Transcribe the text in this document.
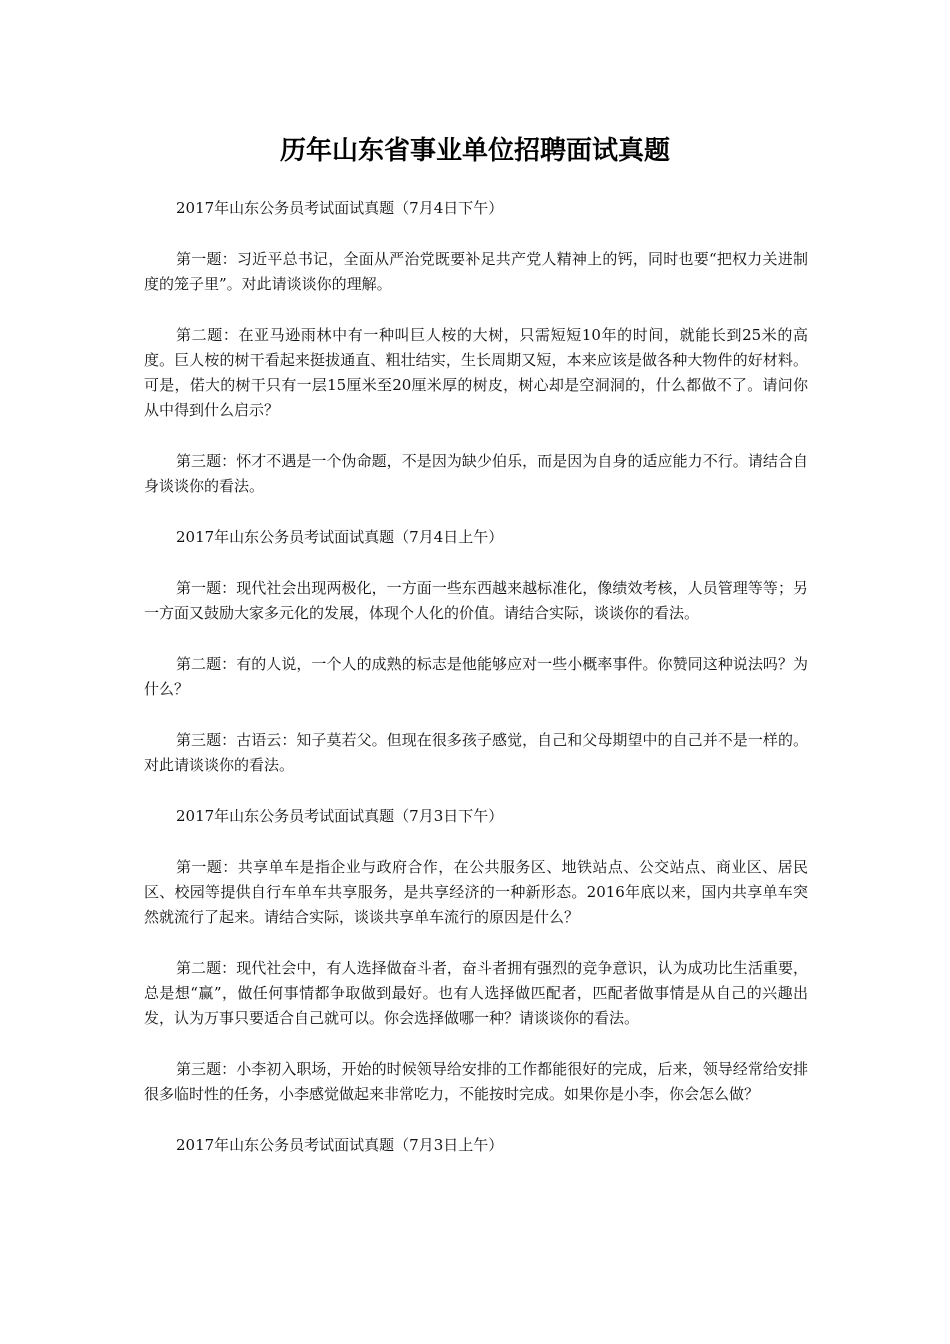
历年山东省事业单位招聘面试真题

2017年山东公务员考试面试真题（7月4日下午）

第一题：习近平总书记，全面从严治党既要补足共产党人精神上的钙，同时也要“把权力关进制度的笼子里”。对此请谈谈你的理解。

第二题：在亚马逊雨林中有一种叫巨人桉的大树，只需短短10年的时间，就能长到25米的高度。巨人桉的树干看起来挺拔通直、粗壮结实，生长周期又短，本来应该是做各种大物件的好材料。可是，偌大的树干只有一层15厘米至20厘米厚的树皮，树心却是空洞洞的，什么都做不了。请问你从中得到什么启示？

第三题：怀才不遇是一个伪命题，不是因为缺少伯乐，而是因为自身的适应能力不行。请结合自身谈谈你的看法。

2017年山东公务员考试面试真题（7月4日上午）

第一题：现代社会出现两极化，一方面一些东西越来越标准化，像绩效考核，人员管理等等；另一方面又鼓励大家多元化的发展，体现个人化的价值。请结合实际，谈谈你的看法。

第二题：有的人说，一个人的成熟的标志是他能够应对一些小概率事件。你赞同这种说法吗？为什么？

第三题：古语云：知子莫若父。但现在很多孩子感觉，自己和父母期望中的自己并不是一样的。对此请谈谈你的看法。

2017年山东公务员考试面试真题（7月3日下午）

第一题：共享单车是指企业与政府合作，在公共服务区、地铁站点、公交站点、商业区、居民区、校园等提供自行车单车共享服务，是共享经济的一种新形态。2016年底以来，国内共享单车突然就流行了起来。请结合实际，谈谈共享单车流行的原因是什么？

第二题：现代社会中，有人选择做奋斗者，奋斗者拥有强烈的竞争意识，认为成功比生活重要，总是想“赢”，做任何事情都争取做到最好。也有人选择做匹配者，匹配者做事情是从自己的兴趣出发，认为万事只要适合自己就可以。你会选择做哪一种？请谈谈你的看法。

第三题：小李初入职场，开始的时候领导给安排的工作都能很好的完成，后来，领导经常给安排很多临时性的任务，小李感觉做起来非常吃力，不能按时完成。如果你是小李，你会怎么做？

2017年山东公务员考试面试真题（7月3日上午）
